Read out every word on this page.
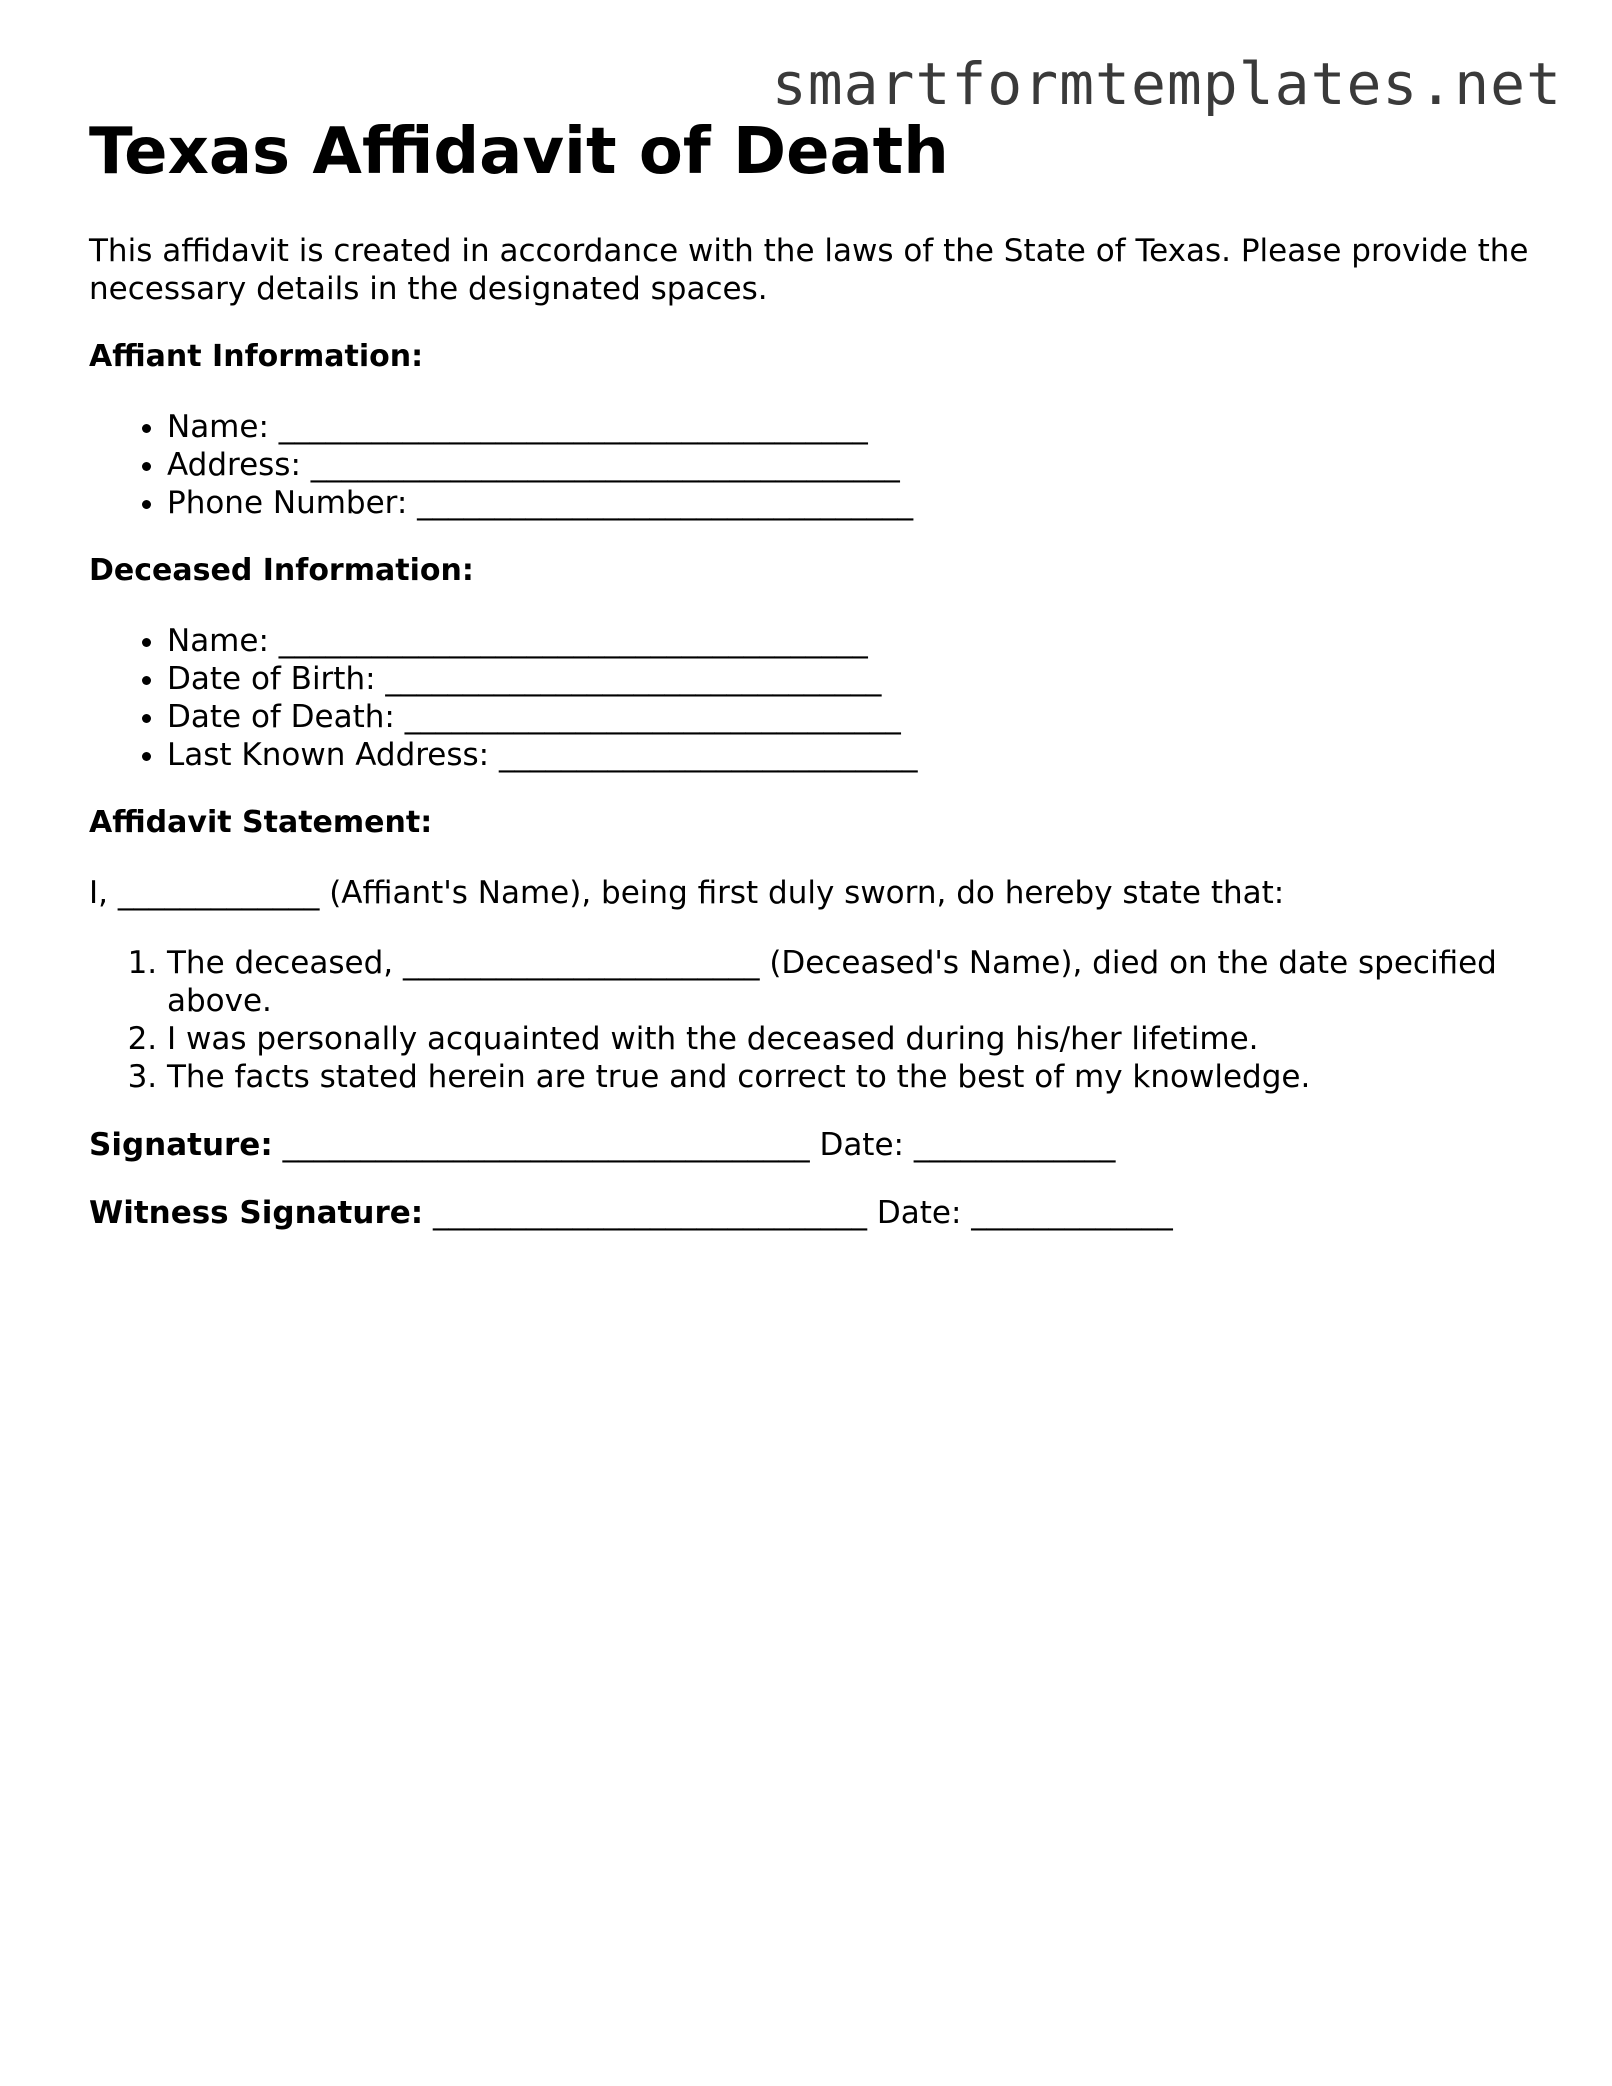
smartformtemplates.net
Texas Affidavit of Death

This affidavit is created in accordance with the laws of the State of Texas. Please provide the necessary details in the designated spaces.

Affiant Information:

• Name: ______________________________________
• Address: ______________________________________
• Phone Number: ________________________________

Deceased Information:

• Name: ______________________________________
• Date of Birth: ________________________________
• Date of Death: ________________________________
• Last Known Address: ___________________________

Affidavit Statement:

I, _____________ (Affiant's Name), being first duly sworn, do hereby state that:

1. The deceased, _______________________ (Deceased's Name), died on the date specified above.
2. I was personally acquainted with the deceased during his/her lifetime.
3. The facts stated herein are true and correct to the best of my knowledge.

Signature: __________________________________ Date: _____________

Witness Signature: ____________________________ Date: _____________
